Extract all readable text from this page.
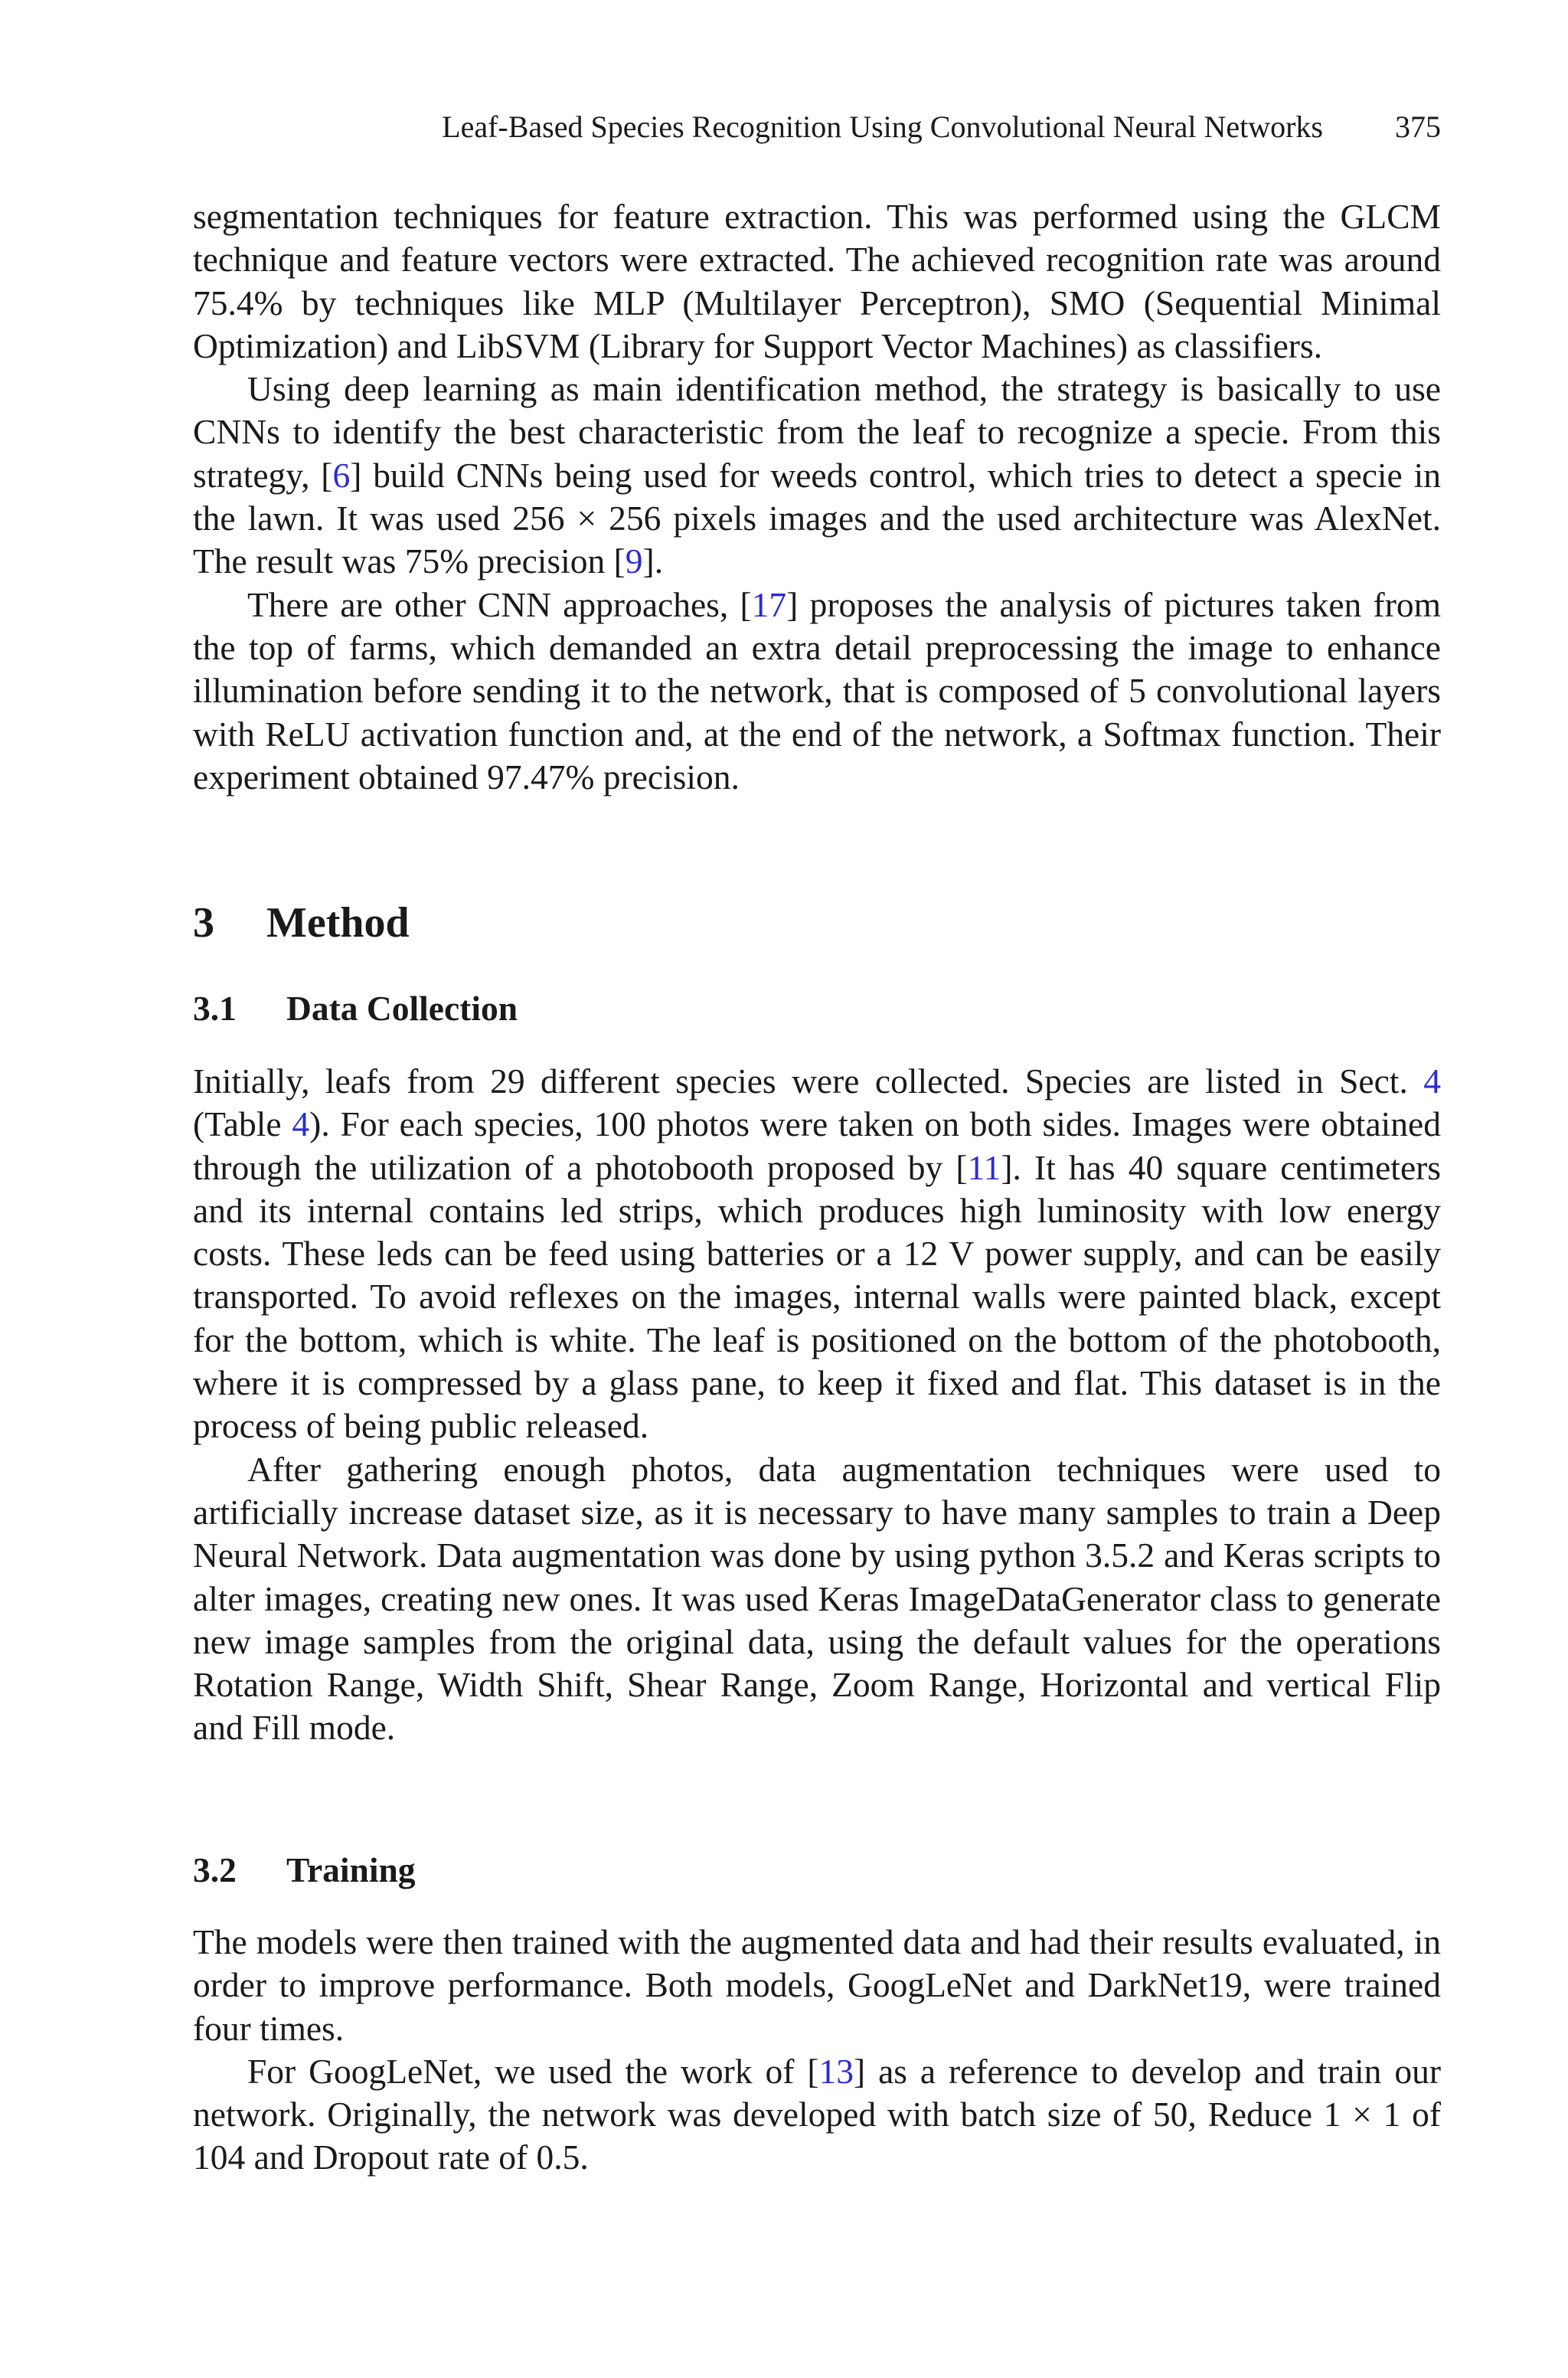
Leaf-Based Species Recognition Using Convolutional Neural Networks 375

segmentation techniques for feature extraction. This was performed using the GLCM technique and feature vectors were extracted. The achieved recognition rate was around 75.4% by techniques like MLP (Multilayer Perceptron), SMO (Sequential Minimal Optimization) and LibSVM (Library for Support Vector Machines) as classifiers.

Using deep learning as main identification method, the strategy is basically to use CNNs to identify the best characteristic from the leaf to recognize a specie. From this strategy, [6] build CNNs being used for weeds control, which tries to detect a specie in the lawn. It was used 256 × 256 pixels images and the used architecture was AlexNet. The result was 75% precision [9].

There are other CNN approaches, [17] proposes the analysis of pictures taken from the top of farms, which demanded an extra detail preprocessing the image to enhance illumination before sending it to the network, that is composed of 5 convolutional layers with ReLU activation function and, at the end of the network, a Softmax function. Their experiment obtained 97.47% precision.

3 Method
3.1 Data Collection

Initially, leafs from 29 different species were collected. Species are listed in Sect. 4 (Table 4). For each species, 100 photos were taken on both sides. Images were obtained through the utilization of a photobooth proposed by [11]. It has 40 square centimeters and its internal contains led strips, which produces high luminosity with low energy costs. These leds can be feed using batteries or a 12 V power supply, and can be easily transported. To avoid reflexes on the images, internal walls were painted black, except for the bottom, which is white. The leaf is positioned on the bottom of the photobooth, where it is compressed by a glass pane, to keep it fixed and flat. This dataset is in the process of being public released.

After gathering enough photos, data augmentation techniques were used to artificially increase dataset size, as it is necessary to have many samples to train a Deep Neural Network. Data augmentation was done by using python 3.5.2 and Keras scripts to alter images, creating new ones. It was used Keras ImageDataGenerator class to generate new image samples from the original data, using the default values for the operations Rotation Range, Width Shift, Shear Range, Zoom Range, Horizontal and vertical Flip and Fill mode.

3.2 Training

The models were then trained with the augmented data and had their results evaluated, in order to improve performance. Both models, GoogLeNet and DarkNet19, were trained four times.

For GoogLeNet, we used the work of [13] as a reference to develop and train our network. Originally, the network was developed with batch size of 50, Reduce 1 × 1 of 104 and Dropout rate of 0.5.
